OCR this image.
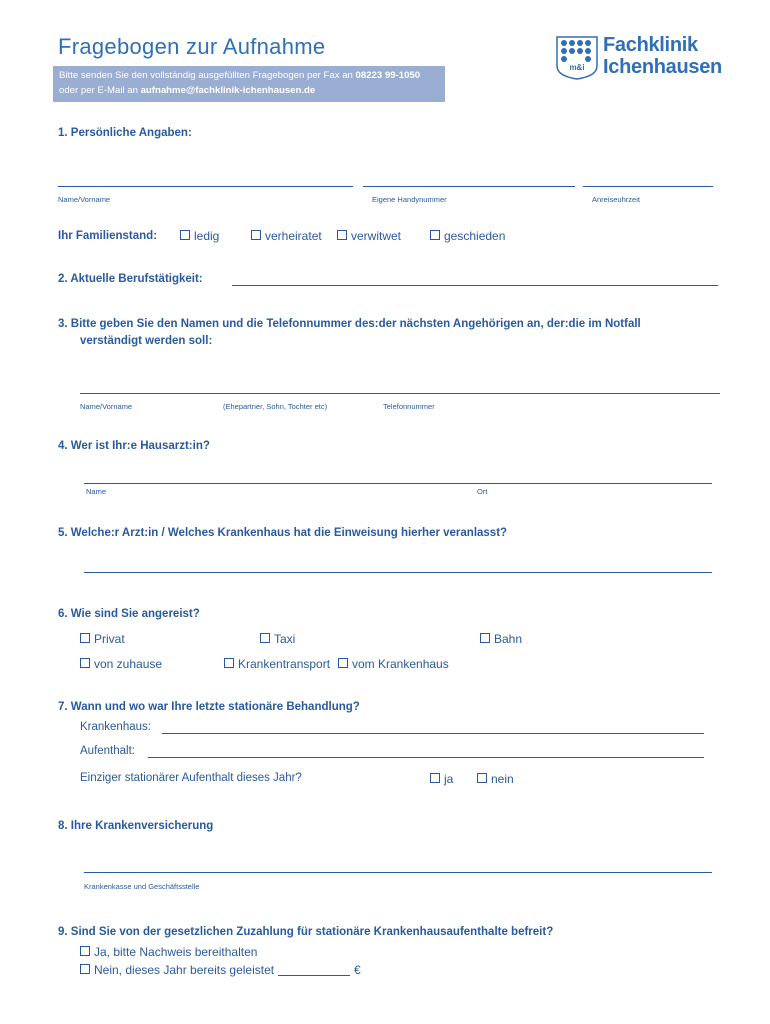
Fragebogen zur Aufnahme
Bitte senden Sie den vollständig ausgefüllten Fragebogen per Fax an 08223 99-1050
oder per E-Mail an aufnahme@fachklinik-ichenhausen.de
m&i
Fachklinik
Ichenhausen
1. Persönliche Angaben:
Name/Vorname	Eigene Handynummer	Anreiseuhrzeit
Ihr Familienstand:	ledig	verheiratet	verwitwet	geschieden
2. Aktuelle Berufstätigkeit:
3. Bitte geben Sie den Namen und die Telefonnummer des:der nächsten Angehörigen an, der:die im Notfall
verständigt werden soll:
Name/Vorname	(Ehepartner, Sohn, Tochter etc)	Telefonnummer
4. Wer ist Ihr:e Hausarzt:in?
Name	Ort
5. Welche:r Arzt:in / Welches Krankenhaus hat die Einweisung hierher veranlasst?
6. Wie sind Sie angereist?
Privat	Taxi	Bahn
von zuhause	Krankentransport	vom Krankenhaus
7. Wann und wo war Ihre letzte stationäre Behandlung?
Krankenhaus:
Aufenthalt:
Einziger stationärer Aufenthalt dieses Jahr?	ja	nein
8. Ihre Krankenversicherung
Krankenkasse und Geschäftsstelle
9. Sind Sie von der gesetzlichen Zuzahlung für stationäre Krankenhausaufenthalte befreit?
Ja, bitte Nachweis bereithalten
Nein, dieses Jahr bereits geleistet	€
